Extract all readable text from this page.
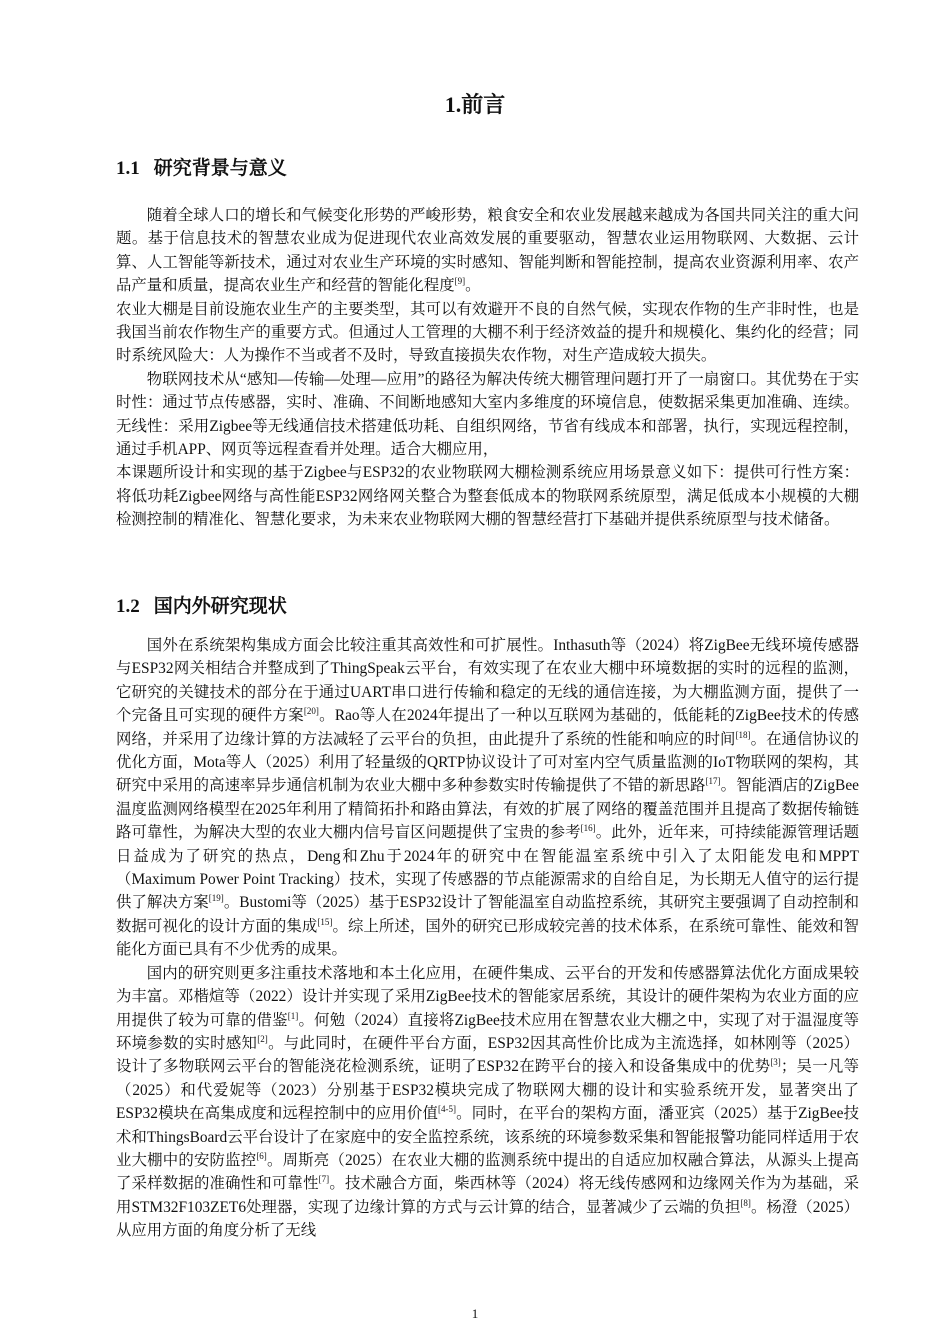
1.前言
1.1 研究背景与意义

随着全球人口的增长和气候变化形势的严峻形势，粮食安全和农业发展越来越成为各国共同关注的重大问题。基于信息技术的智慧农业成为促进现代农业高效发展的重要驱动，智慧农业运用物联网、大数据、云计算、人工智能等新技术，通过对农业生产环境的实时感知、智能判断和智能控制，提高农业资源利用率、农产品产量和质量，提高农业生产和经营的智能化程度[9]。

农业大棚是目前设施农业生产的主要类型，其可以有效避开不良的自然气候，实现农作物的生产非时性，也是我国当前农作物生产的重要方式。但通过人工管理的大棚不利于经济效益的提升和规模化、集约化的经营；同时系统风险大：人为操作不当或者不及时，导致直接损失农作物，对生产造成较大损失。

物联网技术从“感知—传输—处理—应用”的路径为解决传统大棚管理问题打开了一扇窗口。其优势在于实时性：通过节点传感器，实时、准确、不间断地感知大室内多维度的环境信息，使数据采集更加准确、连续。无线性：采用Zigbee等无线通信技术搭建低功耗、自组织网络，节省有线成本和部署，执行，实现远程控制，通过手机APP、网页等远程查看并处理。适合大棚应用，

本课题所设计和实现的基于Zigbee与ESP32的农业物联网大棚检测系统应用场景意义如下：提供可行性方案：将低功耗Zigbee网络与高性能ESP32网络网关整合为整套低成本的物联网系统原型，满足低成本小规模的大棚检测控制的精准化、智慧化要求，为未来农业物联网大棚的智慧经营打下基础并提供系统原型与技术储备。

1.2 国内外研究现状

国外在系统架构集成方面会比较注重其高效性和可扩展性。Inthasuth等（2024）将ZigBee无线环境传感器与ESP32网关相结合并整成到了ThingSpeak云平台，有效实现了在农业大棚中环境数据的实时的远程的监测，它研究的关键技术的部分在于通过UART串口进行传输和稳定的无线的通信连接，为大棚监测方面，提供了一个完备且可实现的硬件方案[20]。Rao等人在2024年提出了一种以互联网为基础的，低能耗的ZigBee技术的传感网络，并采用了边缘计算的方法减轻了云平台的负担，由此提升了系统的性能和响应的时间[18]。在通信协议的优化方面，Mota等人（2025）利用了轻量级的QRTP协议设计了可对室内空气质量监测的IoT物联网的架构，其研究中采用的高速率异步通信机制为农业大棚中多种参数实时传输提供了不错的新思路[17]。智能酒店的ZigBee温度监测网络模型在2025年利用了精简拓扑和路由算法，有效的扩展了网络的覆盖范围并且提高了数据传输链路可靠性，为解决大型的农业大棚内信号盲区问题提供了宝贵的参考[16]。此外，近年来，可持续能源管理话题日益成为了研究的热点，Deng和Zhu于2024年的研究中在智能温室系统中引入了太阳能发电和MPPT（Maximum Power Point Tracking）技术，实现了传感器的节点能源需求的自给自足，为长期无人值守的运行提供了解决方案[19]。Bustomi等（2025）基于ESP32设计了智能温室自动监控系统，其研究主要强调了自动控制和数据可视化的设计方面的集成[15]。综上所述，国外的研究已形成较完善的技术体系，在系统可靠性、能效和智能化方面已具有不少优秀的成果。

国内的研究则更多注重技术落地和本土化应用，在硬件集成、云平台的开发和传感器算法优化方面成果较为丰富。邓楷煊等（2022）设计并实现了采用ZigBee技术的智能家居系统，其设计的硬件架构为农业方面的应用提供了较为可靠的借鉴[1]。何勉（2024）直接将ZigBee技术应用在智慧农业大棚之中，实现了对于温湿度等环境参数的实时感知[2]。与此同时，在硬件平台方面，ESP32因其高性价比成为主流选择，如林刚等（2025）设计了多物联网云平台的智能浇花检测系统，证明了ESP32在跨平台的接入和设备集成中的优势[3]；吴一凡等（2025）和代爱妮等（2023）分别基于ESP32模块完成了物联网大棚的设计和实验系统开发，显著突出了ESP32模块在高集成度和远程控制中的应用价值[4-5]。同时，在平台的架构方面，潘亚宾（2025）基于ZigBee技术和ThingsBoard云平台设计了在家庭中的安全监控系统，该系统的环境参数采集和智能报警功能同样适用于农业大棚中的安防监控[6]。周斯亮（2025）在农业大棚的监测系统中提出的自适应加权融合算法，从源头上提高了采样数据的准确性和可靠性[7]。技术融合方面，柴西林等（2024）将无线传感网和边缘网关作为为基础，采用STM32F103ZET6处理器，实现了边缘计算的方式与云计算的结合，显著减少了云端的负担[8]。杨澄（2025）从应用方面的角度分析了无线

1
